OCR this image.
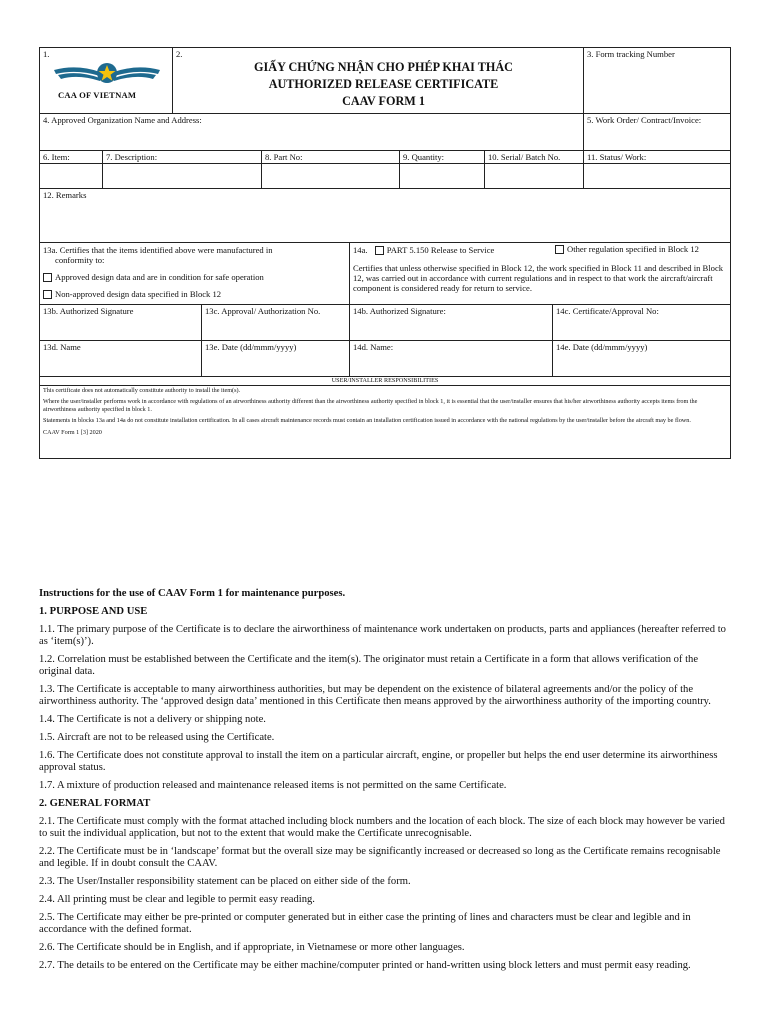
1.
CAA OF VIETNAM
2.
GIẤY CHỨNG NHẬN CHO PHÉP KHAI THÁC
AUTHORIZED RELEASE CERTIFICATE
CAAV FORM 1
3. Form tracking Number
4. Approved Organization Name and Address:	5. Work Order/ Contract/Invoice:
6. Item:	7. Description:	8. Part No:	9. Quantity:	10. Serial/ Batch No.	11. Status/ Work:
12. Remarks
13a. Certifies that the items identified above were manufactured in
conformity to:
Approved design data and are in condition for safe operation
Non-approved design data specified in Block 12
14a. PART 5.150 Release to Service	Other regulation specified in Block 12
Certifies that unless otherwise specified in Block 12, the work specified in Block 11 and described in Block 12, was carried out in accordance with current regulations and in respect to that work the aircraft/aircraft component is considered ready for return to service.
13b. Authorized Signature	13c. Approval/ Authorization No.	14b. Authorized Signature:	14c. Certificate/Approval No:
13d. Name	13e. Date (dd/mmm/yyyy)	14d. Name:	14e. Date (dd/mmm/yyyy)
USER/INSTALLER RESPONSIBILITIES
This certificate does not automatically constitute authority to install the item(s).
Where the user/installer performs work in accordance with regulations of an airworthiness authority different than the airworthiness authority specified in block 1, it is essential that the user/installer ensures that his/her airworthiness authority accepts items from the airworthiness authority specified in block 1.
Statements in blocks 13a and 14a do not constitute installation certification. In all cases aircraft maintenance records must contain an installation certification issued in accordance with the national regulations by the user/installer before the aircraft may be flown.
CAAV Form 1 [3] 2020

Instructions for the use of CAAV Form 1 for maintenance purposes.

1. PURPOSE AND USE

1.1. The primary purpose of the Certificate is to declare the airworthiness of maintenance work undertaken on products, parts and appliances (hereafter referred to as ‘item(s)’).

1.2. Correlation must be established between the Certificate and the item(s). The originator must retain a Certificate in a form that allows verification of the original data.

1.3. The Certificate is acceptable to many airworthiness authorities, but may be dependent on the existence of bilateral agreements and/or the policy of the airworthiness authority. The ‘approved design data’ mentioned in this Certificate then means approved by the airworthiness authority of the importing country.

1.4. The Certificate is not a delivery or shipping note.

1.5. Aircraft are not to be released using the Certificate.

1.6. The Certificate does not constitute approval to install the item on a particular aircraft, engine, or propeller but helps the end user determine its airworthiness approval status.

1.7. A mixture of production released and maintenance released items is not permitted on the same Certificate.

2. GENERAL FORMAT

2.1. The Certificate must comply with the format attached including block numbers and the location of each block. The size of each block may however be varied to suit the individual application, but not to the extent that would make the Certificate unrecognisable.

2.2. The Certificate must be in ‘landscape’ format but the overall size may be significantly increased or decreased so long as the Certificate remains recognisable and legible. If in doubt consult the CAAV.

2.3. The User/Installer responsibility statement can be placed on either side of the form.

2.4. All printing must be clear and legible to permit easy reading.

2.5. The Certificate may either be pre-printed or computer generated but in either case the printing of lines and characters must be clear and legible and in accordance with the defined format.

2.6. The Certificate should be in English, and if appropriate, in Vietnamese or more other languages.

2.7. The details to be entered on the Certificate may be either machine/computer printed or hand-written using block letters and must permit easy reading.
